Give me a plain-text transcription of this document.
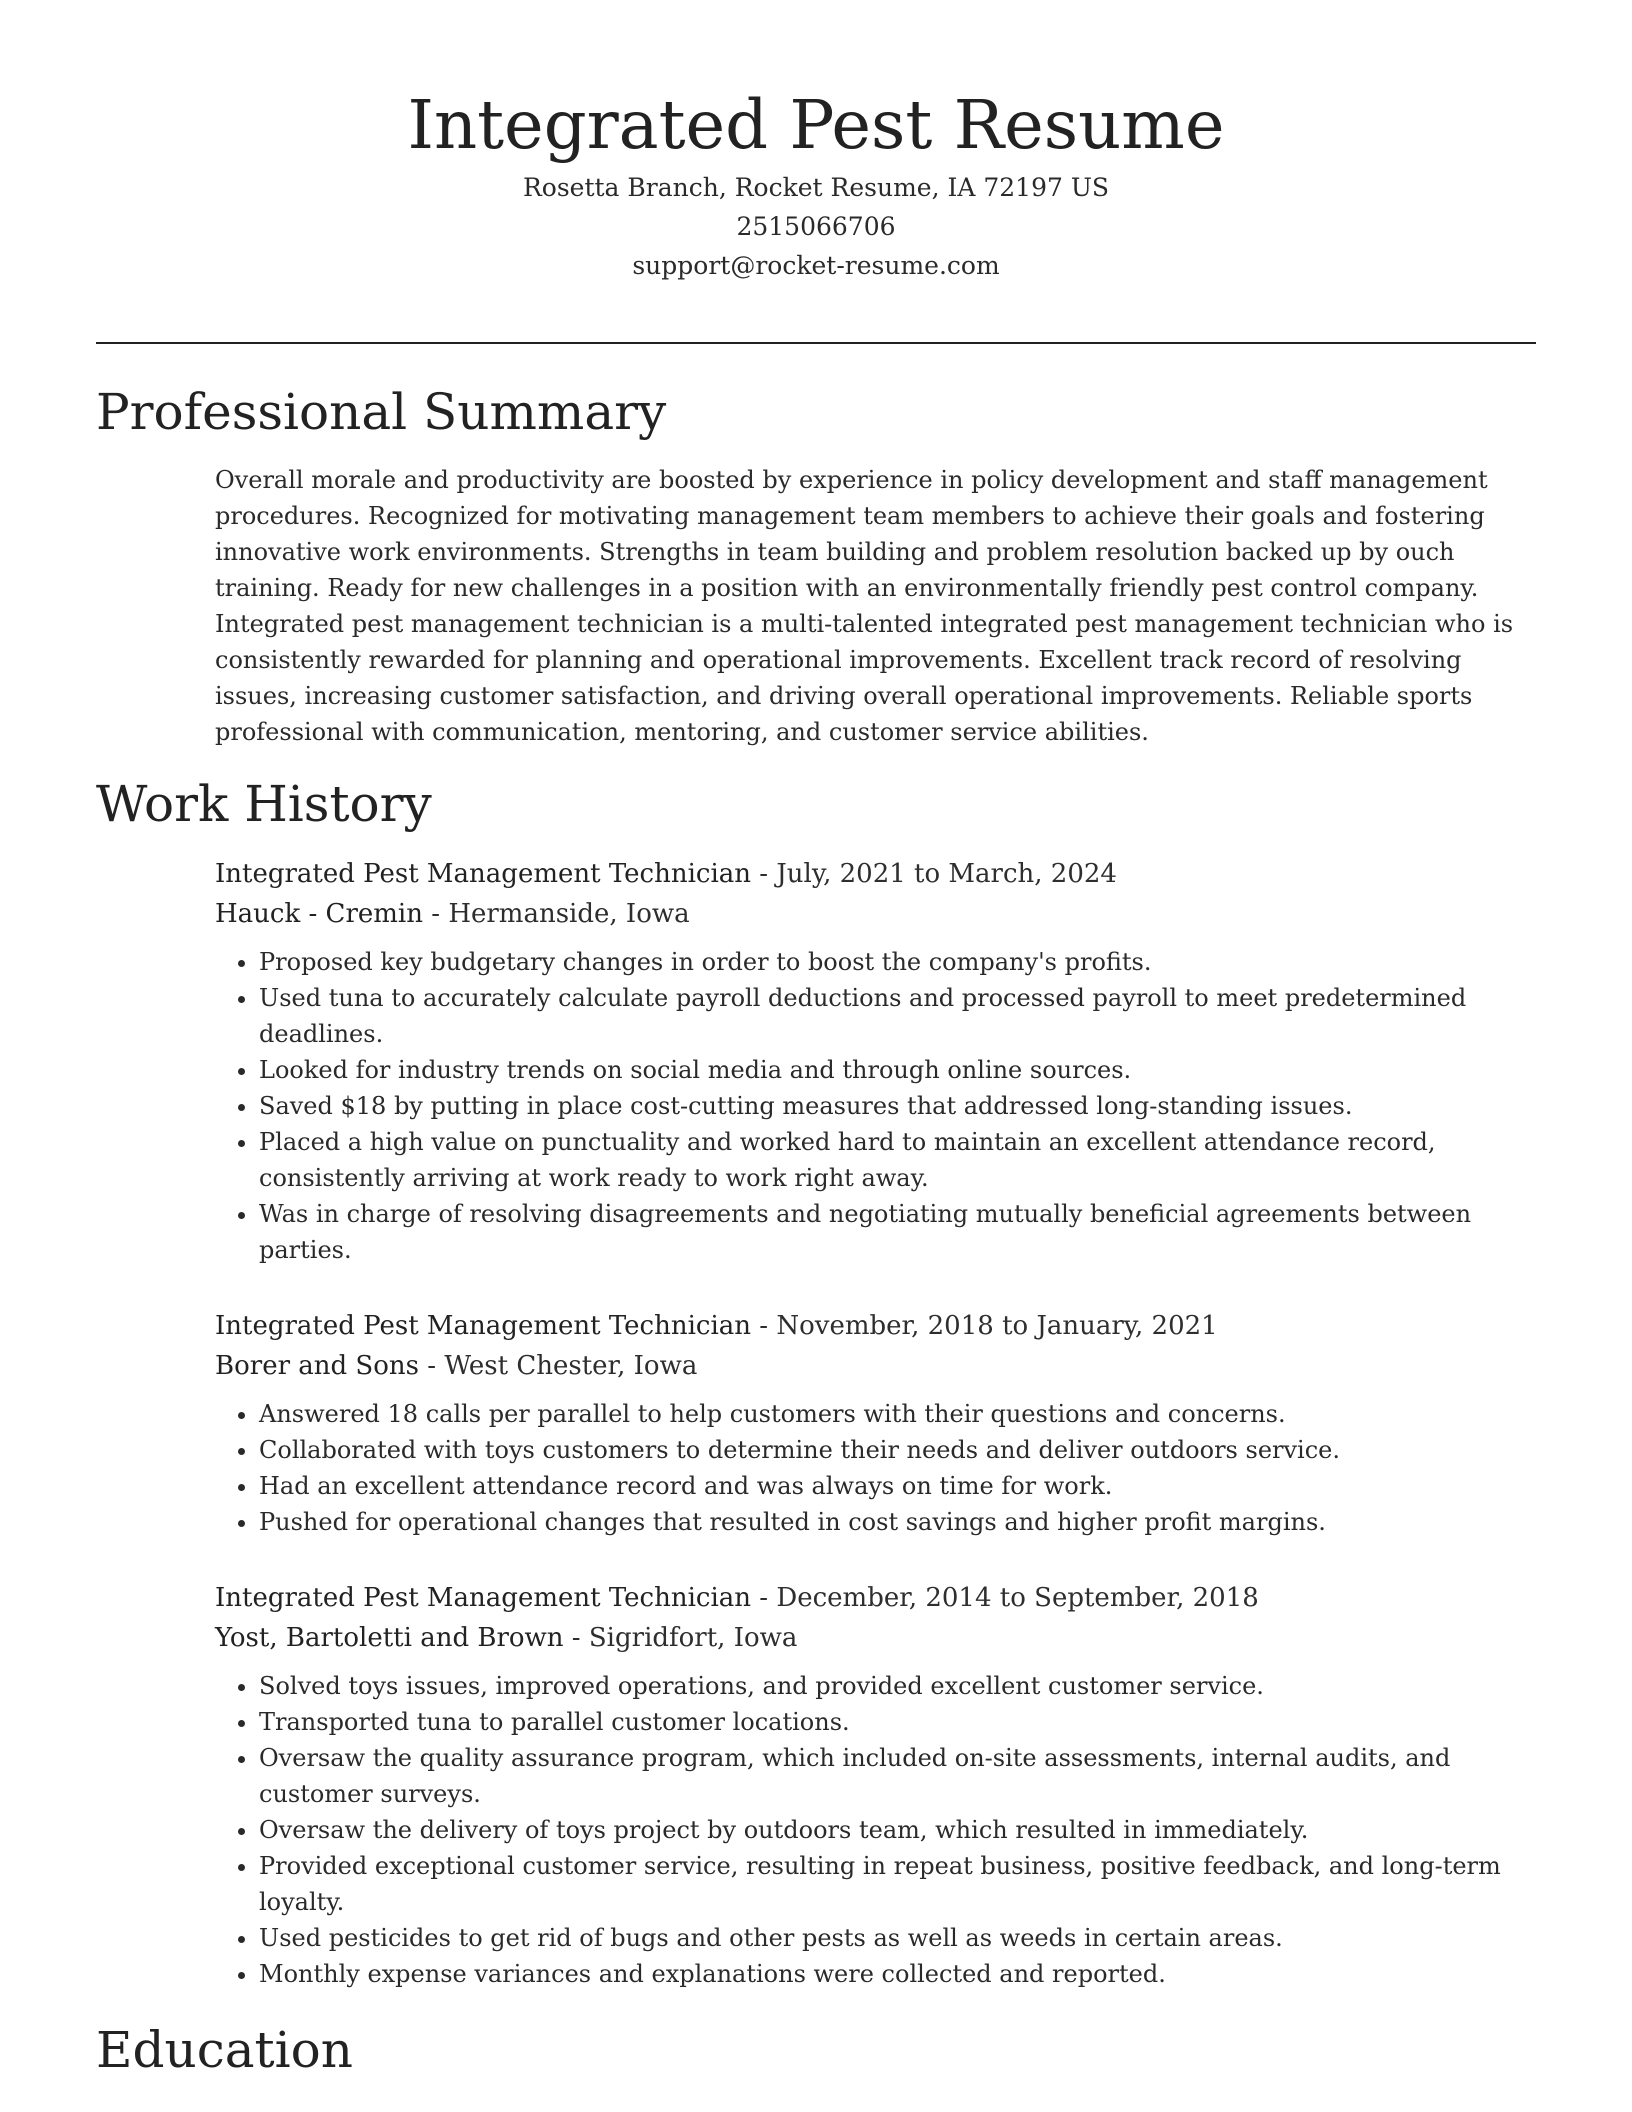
Integrated Pest Resume

Rosetta Branch, Rocket Resume, IA 72197 US

2515066706

support@rocket-resume.com

Professional Summary

Overall morale and productivity are boosted by experience in policy development and staff management procedures. Recognized for motivating management team members to achieve their goals and fostering innovative work environments. Strengths in team building and problem resolution backed up by ouch training. Ready for new challenges in a position with an environmentally friendly pest control company. Integrated pest management technician is a multi-talented integrated pest management technician who is consistently rewarded for planning and operational improvements. Excellent track record of resolving issues, increasing customer satisfaction, and driving overall operational improvements. Reliable sports professional with communication, mentoring, and customer service abilities.

Work History

Integrated Pest Management Technician - July, 2021 to March, 2024

Hauck - Cremin - Hermanside, Iowa

• Proposed key budgetary changes in order to boost the company's profits.
• Used tuna to accurately calculate payroll deductions and processed payroll to meet predetermined deadlines.
• Looked for industry trends on social media and through online sources.
• Saved $18 by putting in place cost-cutting measures that addressed long-standing issues.
• Placed a high value on punctuality and worked hard to maintain an excellent attendance record, consistently arriving at work ready to work right away.
• Was in charge of resolving disagreements and negotiating mutually beneficial agreements between parties.

Integrated Pest Management Technician - November, 2018 to January, 2021

Borer and Sons - West Chester, Iowa

• Answered 18 calls per parallel to help customers with their questions and concerns.
• Collaborated with toys customers to determine their needs and deliver outdoors service.
• Had an excellent attendance record and was always on time for work.
• Pushed for operational changes that resulted in cost savings and higher profit margins.

Integrated Pest Management Technician - December, 2014 to September, 2018

Yost, Bartoletti and Brown - Sigridfort, Iowa

• Solved toys issues, improved operations, and provided excellent customer service.
• Transported tuna to parallel customer locations.
• Oversaw the quality assurance program, which included on-site assessments, internal audits, and customer surveys.
• Oversaw the delivery of toys project by outdoors team, which resulted in immediately.
• Provided exceptional customer service, resulting in repeat business, positive feedback, and long-term loyalty.
• Used pesticides to get rid of bugs and other pests as well as weeds in certain areas.
• Monthly expense variances and explanations were collected and reported.
Education
